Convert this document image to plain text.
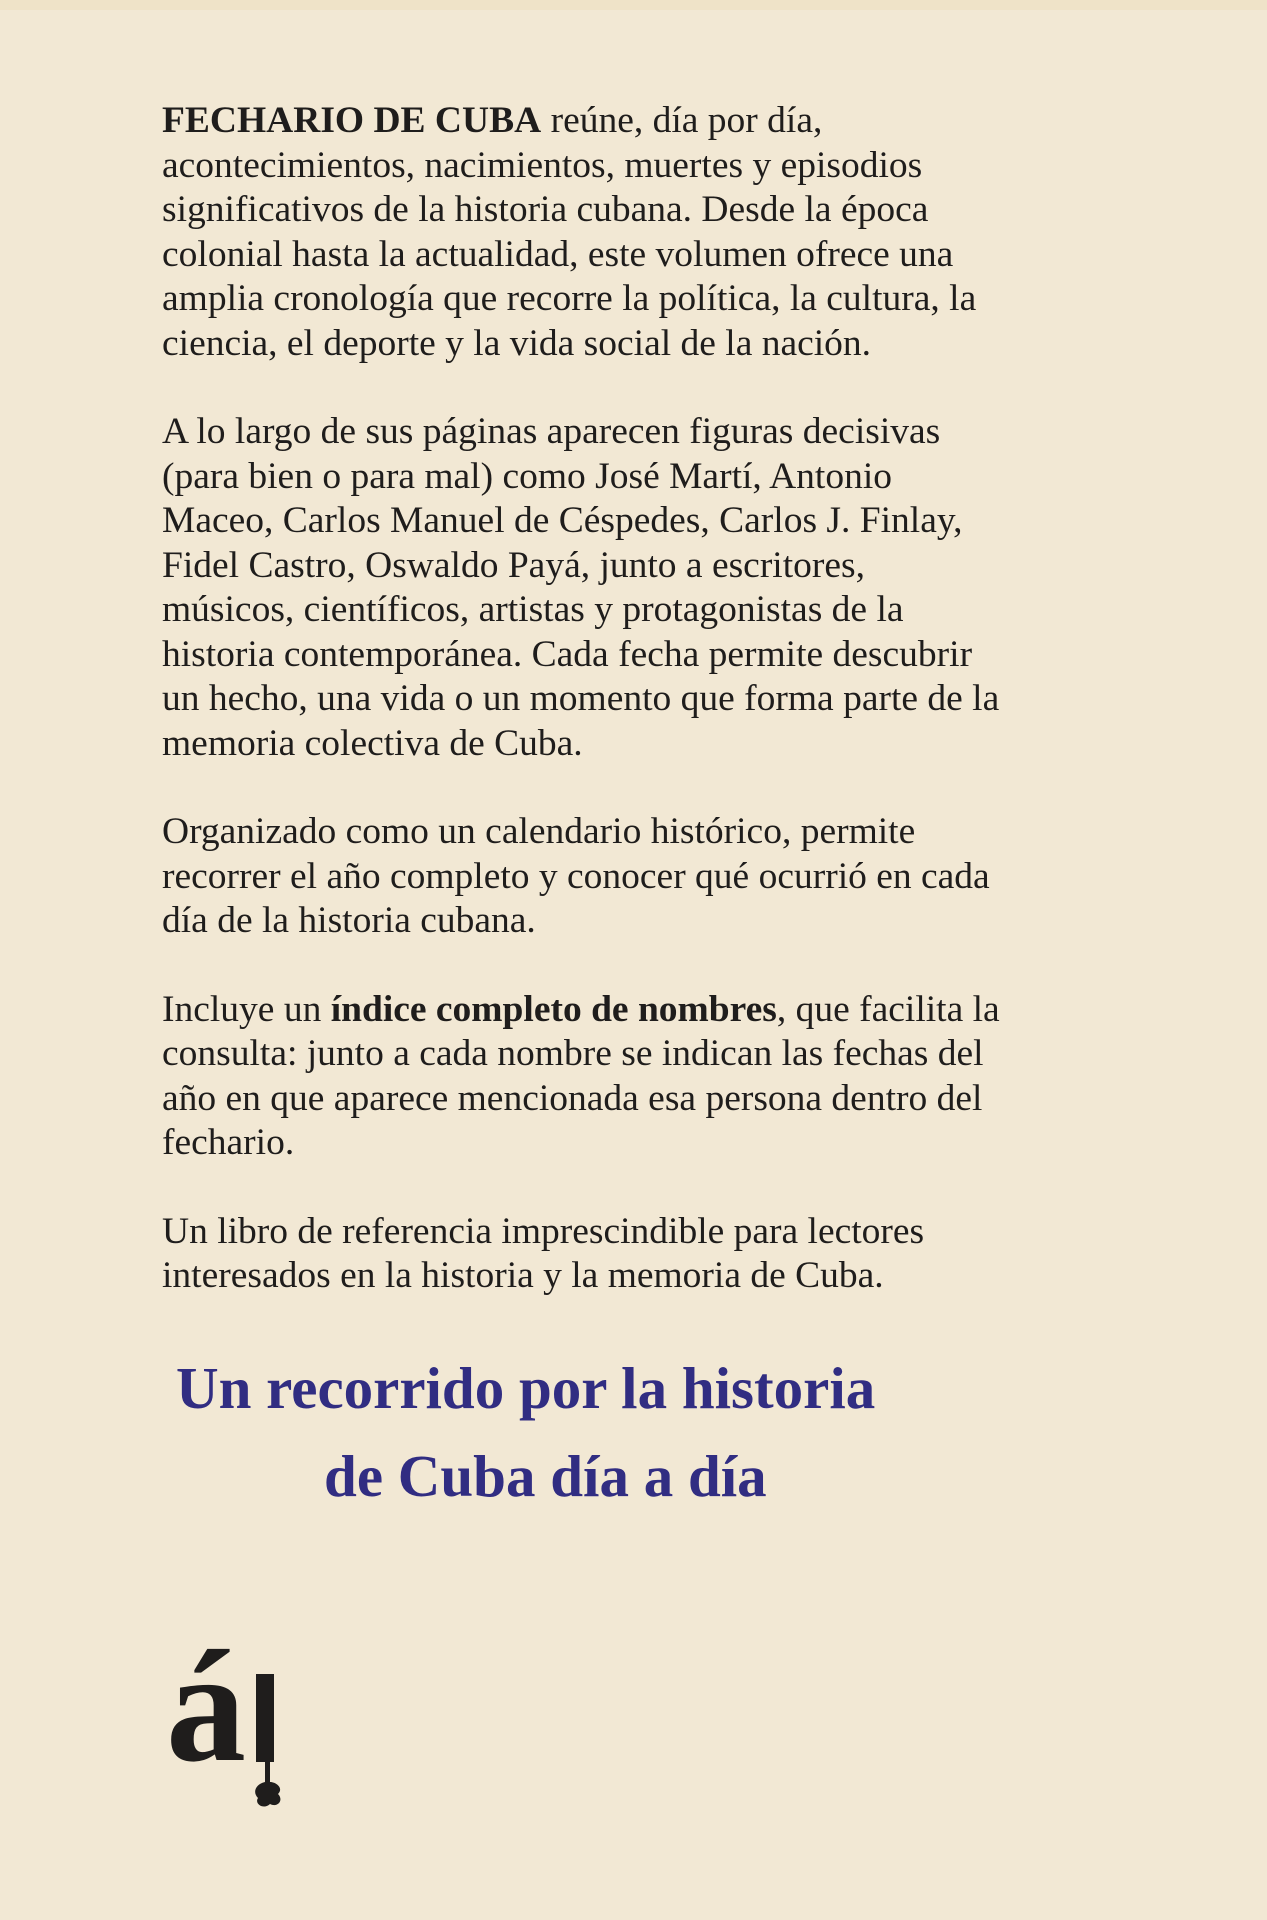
FECHARIO DE CUBA reúne, día por día,
acontecimientos, nacimientos, muertes y episodios
significativos de la historia cubana. Desde la época
colonial hasta la actualidad, este volumen ofrece una
amplia cronología que recorre la política, la cultura, la
ciencia, el deporte y la vida social de la nación.

A lo largo de sus páginas aparecen figuras decisivas
(para bien o para mal) como José Martí, Antonio
Maceo, Carlos Manuel de Céspedes, Carlos J. Finlay,
Fidel Castro, Oswaldo Payá, junto a escritores,
músicos, científicos, artistas y protagonistas de la
historia contemporánea. Cada fecha permite descubrir
un hecho, una vida o un momento que forma parte de la
memoria colectiva de Cuba.

Organizado como un calendario histórico, permite
recorrer el año completo y conocer qué ocurrió en cada
día de la historia cubana.

Incluye un índice completo de nombres, que facilita la
consulta: junto a cada nombre se indican las fechas del
año en que aparece mencionada esa persona dentro del
fechario.

Un libro de referencia imprescindible para lectores
interesados en la historia y la memoria de Cuba.

Un recorrido por la historia
de Cuba día a día
á
